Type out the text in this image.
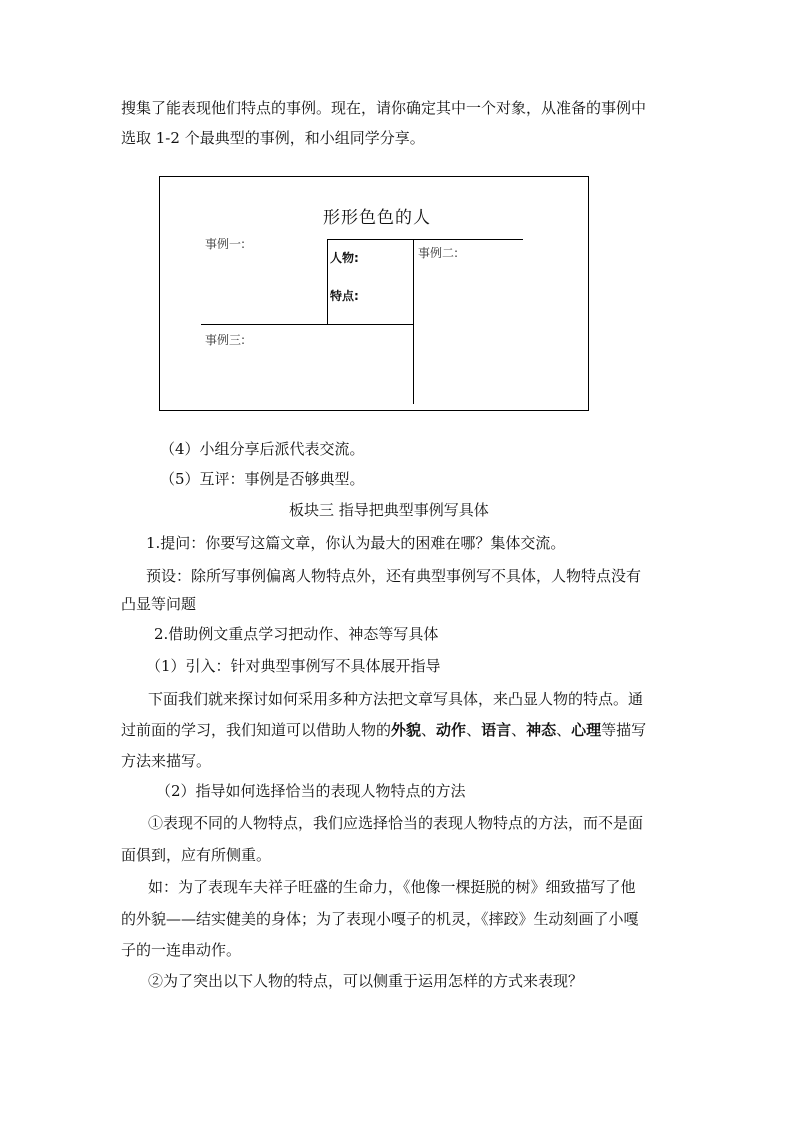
搜集了能表现他们特点的事例。现在，请你确定其中一个对象，从准备的事例中
选取 1-2 个最典型的事例，和小组同学分享。
形形色色的人
事例一:
人物:
特点:
事例二:
事例三:
（4）小组分享后派代表交流。
（5）互评：事例是否够典型。
板块三 指导把典型事例写具体
1.提问：你要写这篇文章，你认为最大的困难在哪？集体交流。
预设：除所写事例偏离人物特点外，还有典型事例写不具体，人物特点没有
凸显等问题
2.借助例文重点学习把动作、神态等写具体
（1）引入：针对典型事例写不具体展开指导
下面我们就来探讨如何采用多种方法把文章写具体，来凸显人物的特点。通
过前面的学习，我们知道可以借助人物的外貌、动作、语言、神态、心理等描写
方法来描写。
（2）指导如何选择恰当的表现人物特点的方法
①表现不同的人物特点，我们应选择恰当的表现人物特点的方法，而不是面
面俱到，应有所侧重。
如：为了表现车夫祥子旺盛的生命力，《他像一棵挺脱的树》细致描写了他
的外貌——结实健美的身体；为了表现小嘎子的机灵，《摔跤》生动刻画了小嘎
子的一连串动作。
②为了突出以下人物的特点，可以侧重于运用怎样的方式来表现？
